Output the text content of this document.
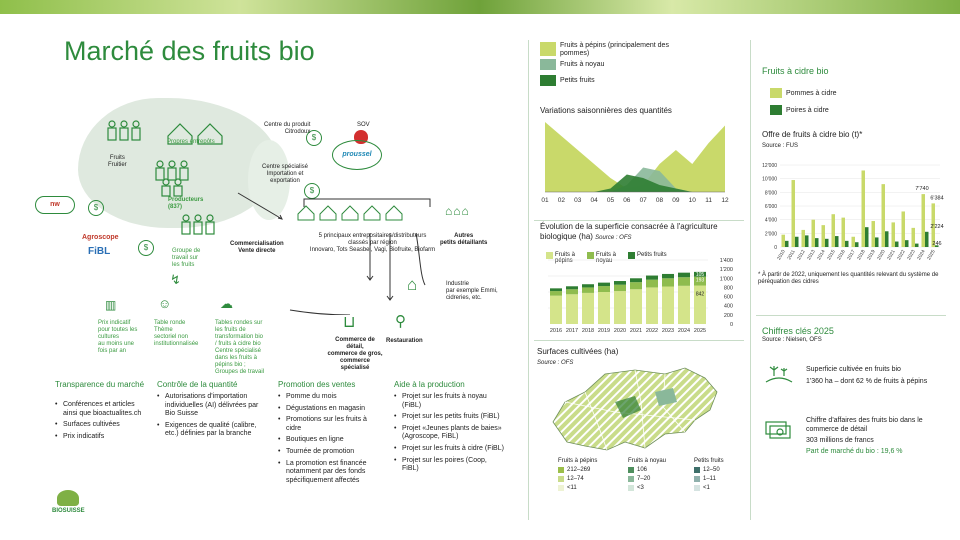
Marché des fruits bio
Propres entrepôts
Fruits
Fruitier
Producteurs
(837)
Groupe de
travail sur
les fruits
nw
Agroscope
FiBL
$
$
$
$
Centre du produit
Citrodoux
SOV
proussel
Centre spécialisé
Importation et
exportation
5 principaux entrepositaires/distributeurs
classés par région
Innovaro, Tots Seasbel, Vagi, Biofruite, Biofarm
⌂⌂⌂
Autres
petits détaillants
Commercialisation
Vente directe
⌂	Industrie
par exemple Emmi,
cidreries, etc.
⊔	⚲
Commerce de
détail,
commerce de gros,
commerce
spécialisé
Restauration
▥	☺	☁
↯
Prix indicatif
pour toutes les
cultures
au moins une
fois par an
Table ronde
Thème
sectoriel non
institutionnalisée
Tables rondes sur
les fruits de
transformation bio
/ fruits à cidre bio
Centre spécialisé
dans les fruits à
pépins bio ;
Groupes de travail
Transparence du marché
• Conférences et articles ainsi que bioactualites.ch
• Surfaces cultivées
• Prix indicatifs
Contrôle de la quantité
• Autorisations d'importation individuelles (AI) délivrées par Bio Suisse
• Exigences de qualité (calibre, etc.) définies par la branche
Promotion des ventes
• Pomme du mois
• Dégustations en magasin
• Promotions sur les fruits à cidre
• Boutiques en ligne
• Tournée de promotion
• La promotion est financée notamment par des fonds spécifiquement affectés
Aide à la production
• Projet sur les fruits à noyau (FiBL)
• Projet sur les petits fruits (FiBL)
• Projet «Jeunes plants de baies» (Agroscope, FiBL)
• Projet sur les fruits à cidre (FiBL)
• Projet sur les poires (Coop, FiBL)
BIOSUISSE
Fruits à pépins (principalement des pommes)
Fruits à noyau
Petits fruits
Variations saisonnières des quantités
01 02 03 04 05 06 07 08 09 10 11 12
Évolution de la superficie consacrée à l'agriculture biologique (ha) Source : OFS
Fruits à pépins
Fruits à noyau
Petits fruits
2016 2017 2018 2019 2020 2021 2022 2023 2024 2025
1'400
1'200
1'000
800
600
400
200
0
842
193
105
Surfaces cultivées (ha)
Source : OFS
Fruits à pépins
212–269
12–74
<11
Fruits à noyau
106
7–20
<3
Petits fruits
12–50
1–11
<1
Fruits à cidre bio
Pommes à cidre
Poires à cidre
Offre de fruits à cidre bio (t)*
Source : FUS
12'000
10'000
8'000
6'000
4'000
2'000
0
2010 2011 2012 2013 2014 2015 2016 2017 2018 2019 2020 2021 2022 2023 2024 2025
7'740
6'384
2'224
246
* À partir de 2022, uniquement les quantités relevant du système de péréquation des cidres
Chiffres clés 2025
Source : Nielsen, OFS
Superficie cultivée en fruits bio
1'360 ha – dont 62 % de fruits à pépins
Chiffre d'affaires des fruits bio dans le commerce de détail
303 millions de francs
Part de marché du bio : 19,6 %
